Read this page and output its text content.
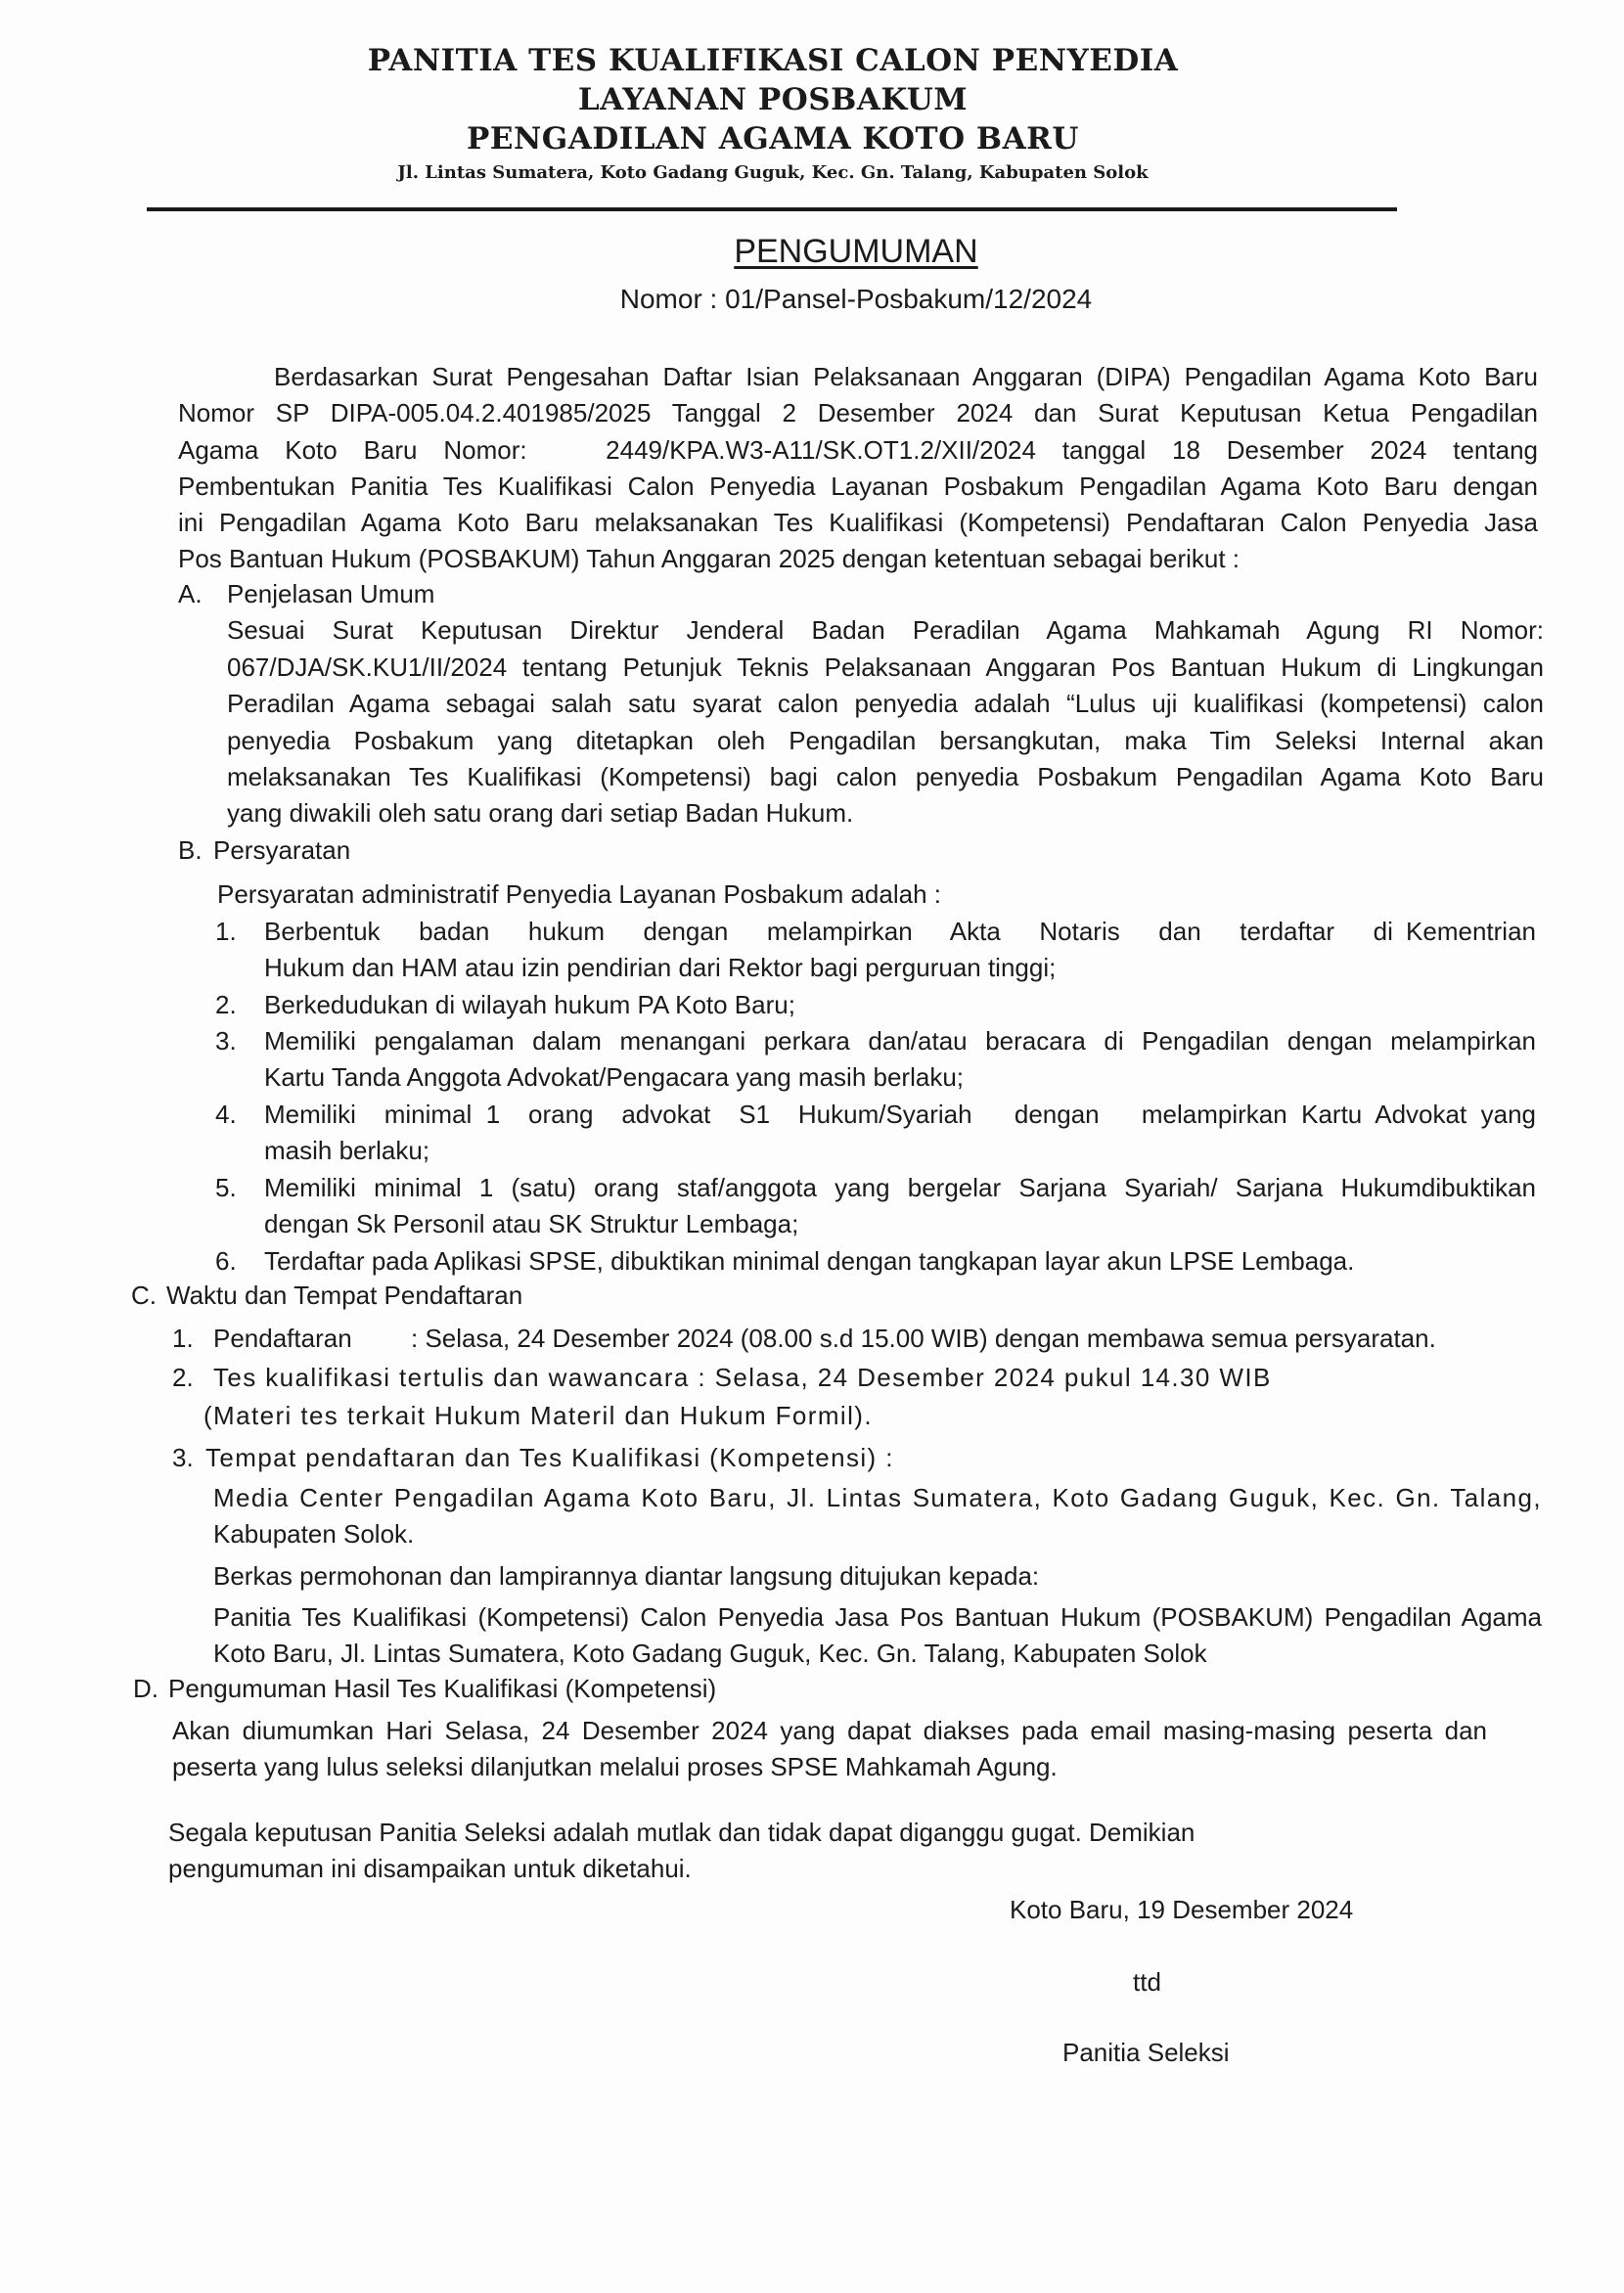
PANITIA TES KUALIFIKASI CALON PENYEDIA

LAYANAN POSBAKUM

PENGADILAN AGAMA KOTO BARU

Jl. Lintas Sumatera, Koto Gadang Guguk, Kec. Gn. Talang, Kabupaten Solok

PENGUMUMAN
Nomor : 01/Pansel-Posbakum/12/2024
Berdasarkan Surat Pengesahan Daftar Isian Pelaksanaan Anggaran (DIPA) Pengadilan Agama Koto Baru
Nomor SP DIPA-005.04.2.401985/2025 Tanggal 2 Desember 2024 dan Surat Keputusan Ketua Pengadilan
Agama Koto Baru Nomor:   2449/KPA.W3-A11/SK.OT1.2/XII/2024 tanggal 18 Desember 2024 tentang
Pembentukan Panitia Tes Kualifikasi Calon Penyedia Layanan Posbakum Pengadilan Agama Koto Baru dengan
ini Pengadilan Agama Koto Baru melaksanakan Tes Kualifikasi (Kompetensi) Pendaftaran Calon Penyedia Jasa
Pos Bantuan Hukum (POSBAKUM) Tahun Anggaran 2025 dengan ketentuan sebagai berikut :
A. Penjelasan Umum
Sesuai Surat Keputusan Direktur Jenderal Badan Peradilan Agama Mahkamah Agung RI Nomor:
067/DJA/SK.KU1/II/2024 tentang Petunjuk Teknis Pelaksanaan Anggaran Pos Bantuan Hukum di Lingkungan
Peradilan Agama sebagai salah satu syarat calon penyedia adalah “Lulus uji kualifikasi (kompetensi) calon
penyedia Posbakum yang ditetapkan oleh Pengadilan bersangkutan, maka Tim Seleksi Internal akan
melaksanakan Tes Kualifikasi (Kompetensi) bagi calon penyedia Posbakum Pengadilan Agama Koto Baru
yang diwakili oleh satu orang dari setiap Badan Hukum.
B. Persyaratan
Persyaratan administratif Penyedia Layanan Posbakum adalah :
1. Berbentuk   badan   hukum   dengan   melampirkan   Akta   Notaris   dan   terdaftar   di Kementrian
Hukum dan HAM atau izin pendirian dari Rektor bagi perguruan tinggi;
2. Berkedudukan di wilayah hukum PA Koto Baru;
3. Memiliki pengalaman dalam menangani perkara dan/atau beracara di Pengadilan dengan melampirkan
Kartu Tanda Anggota Advokat/Pengacara yang masih berlaku;
4. Memiliki  minimal 1  orang  advokat  S1  Hukum/Syariah   dengan   melampirkan Kartu Advokat yang
masih berlaku;
5. Memiliki minimal 1 (satu) orang staf/anggota yang bergelar Sarjana Syariah/ Sarjana Hukumdibuktikan
dengan Sk Personil atau SK Struktur Lembaga;
6. Terdaftar pada Aplikasi SPSE, dibuktikan minimal dengan tangkapan layar akun LPSE Lembaga.
C. Waktu dan Tempat Pendaftaran
1. Pendaftaran : Selasa, 24 Desember 2024 (08.00 s.d 15.00 WIB) dengan membawa semua persyaratan.
2. Tes kualifikasi tertulis dan wawancara : Selasa, 24 Desember 2024 pukul 14.30 WIB
(Materi tes terkait Hukum Materil dan Hukum Formil).
3. Tempat pendaftaran dan Tes Kualifikasi (Kompetensi) :
Media Center Pengadilan Agama Koto Baru, Jl. Lintas Sumatera, Koto Gadang Guguk, Kec. Gn. Talang,
Kabupaten Solok.
Berkas permohonan dan lampirannya diantar langsung ditujukan kepada:
Panitia Tes Kualifikasi (Kompetensi) Calon Penyedia Jasa Pos Bantuan Hukum (POSBAKUM) Pengadilan Agama
Koto Baru, Jl. Lintas Sumatera, Koto Gadang Guguk, Kec. Gn. Talang, Kabupaten Solok
D. Pengumuman Hasil Tes Kualifikasi (Kompetensi)
Akan diumumkan Hari Selasa, 24 Desember 2024 yang dapat diakses pada email masing-masing peserta dan
peserta yang lulus seleksi dilanjutkan melalui proses SPSE Mahkamah Agung.
Segala keputusan Panitia Seleksi adalah mutlak dan tidak dapat diganggu gugat. Demikian
pengumuman ini disampaikan untuk diketahui.
Koto Baru, 19 Desember 2024
ttd
Panitia Seleksi
